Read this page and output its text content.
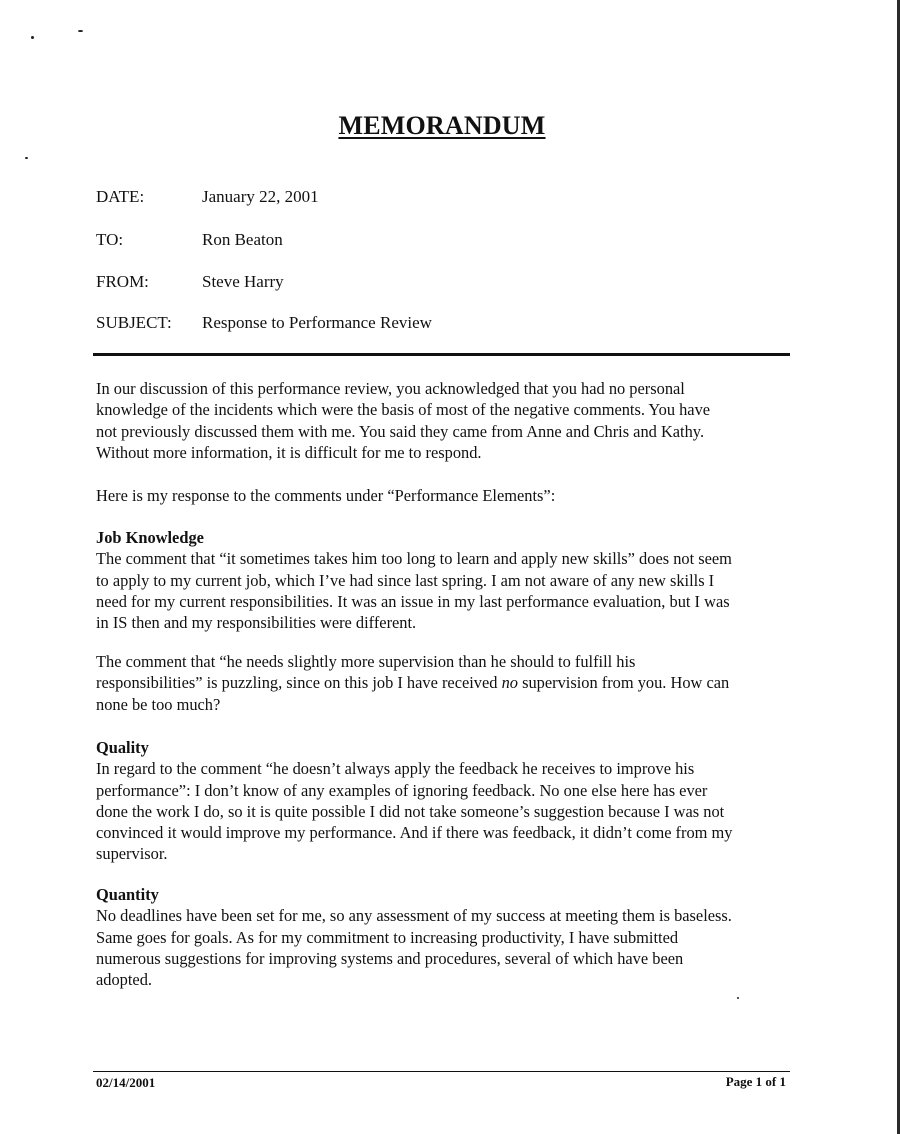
MEMORANDUM
DATE:	January 22, 2001
TO:	Ron Beaton
FROM:	Steve Harry
SUBJECT: Response to Performance Review
In our discussion of this performance review, you acknowledged that you had no personal
knowledge of the incidents which were the basis of most of the negative comments. You have
not previously discussed them with me. You said they came from Anne and Chris and Kathy.
Without more information, it is difficult for me to respond.
Here is my response to the comments under “Performance Elements”:
Job Knowledge
The comment that “it sometimes takes him too long to learn and apply new skills” does not seem
to apply to my current job, which I’ve had since last spring. I am not aware of any new skills I
need for my current responsibilities. It was an issue in my last performance evaluation, but I was
in IS then and my responsibilities were different.
The comment that “he needs slightly more supervision than he should to fulfill his
responsibilities” is puzzling, since on this job I have received no supervision from you. How can
none be too much?
Quality
In regard to the comment “he doesn’t always apply the feedback he receives to improve his
performance”: I don’t know of any examples of ignoring feedback. No one else here has ever
done the work I do, so it is quite possible I did not take someone’s suggestion because I was not
convinced it would improve my performance. And if there was feedback, it didn’t come from my
supervisor.
Quantity
No deadlines have been set for me, so any assessment of my success at meeting them is baseless.
Same goes for goals. As for my commitment to increasing productivity, I have submitted
numerous suggestions for improving systems and procedures, several of which have been
adopted.
02/14/2001	Page 1 of 1
